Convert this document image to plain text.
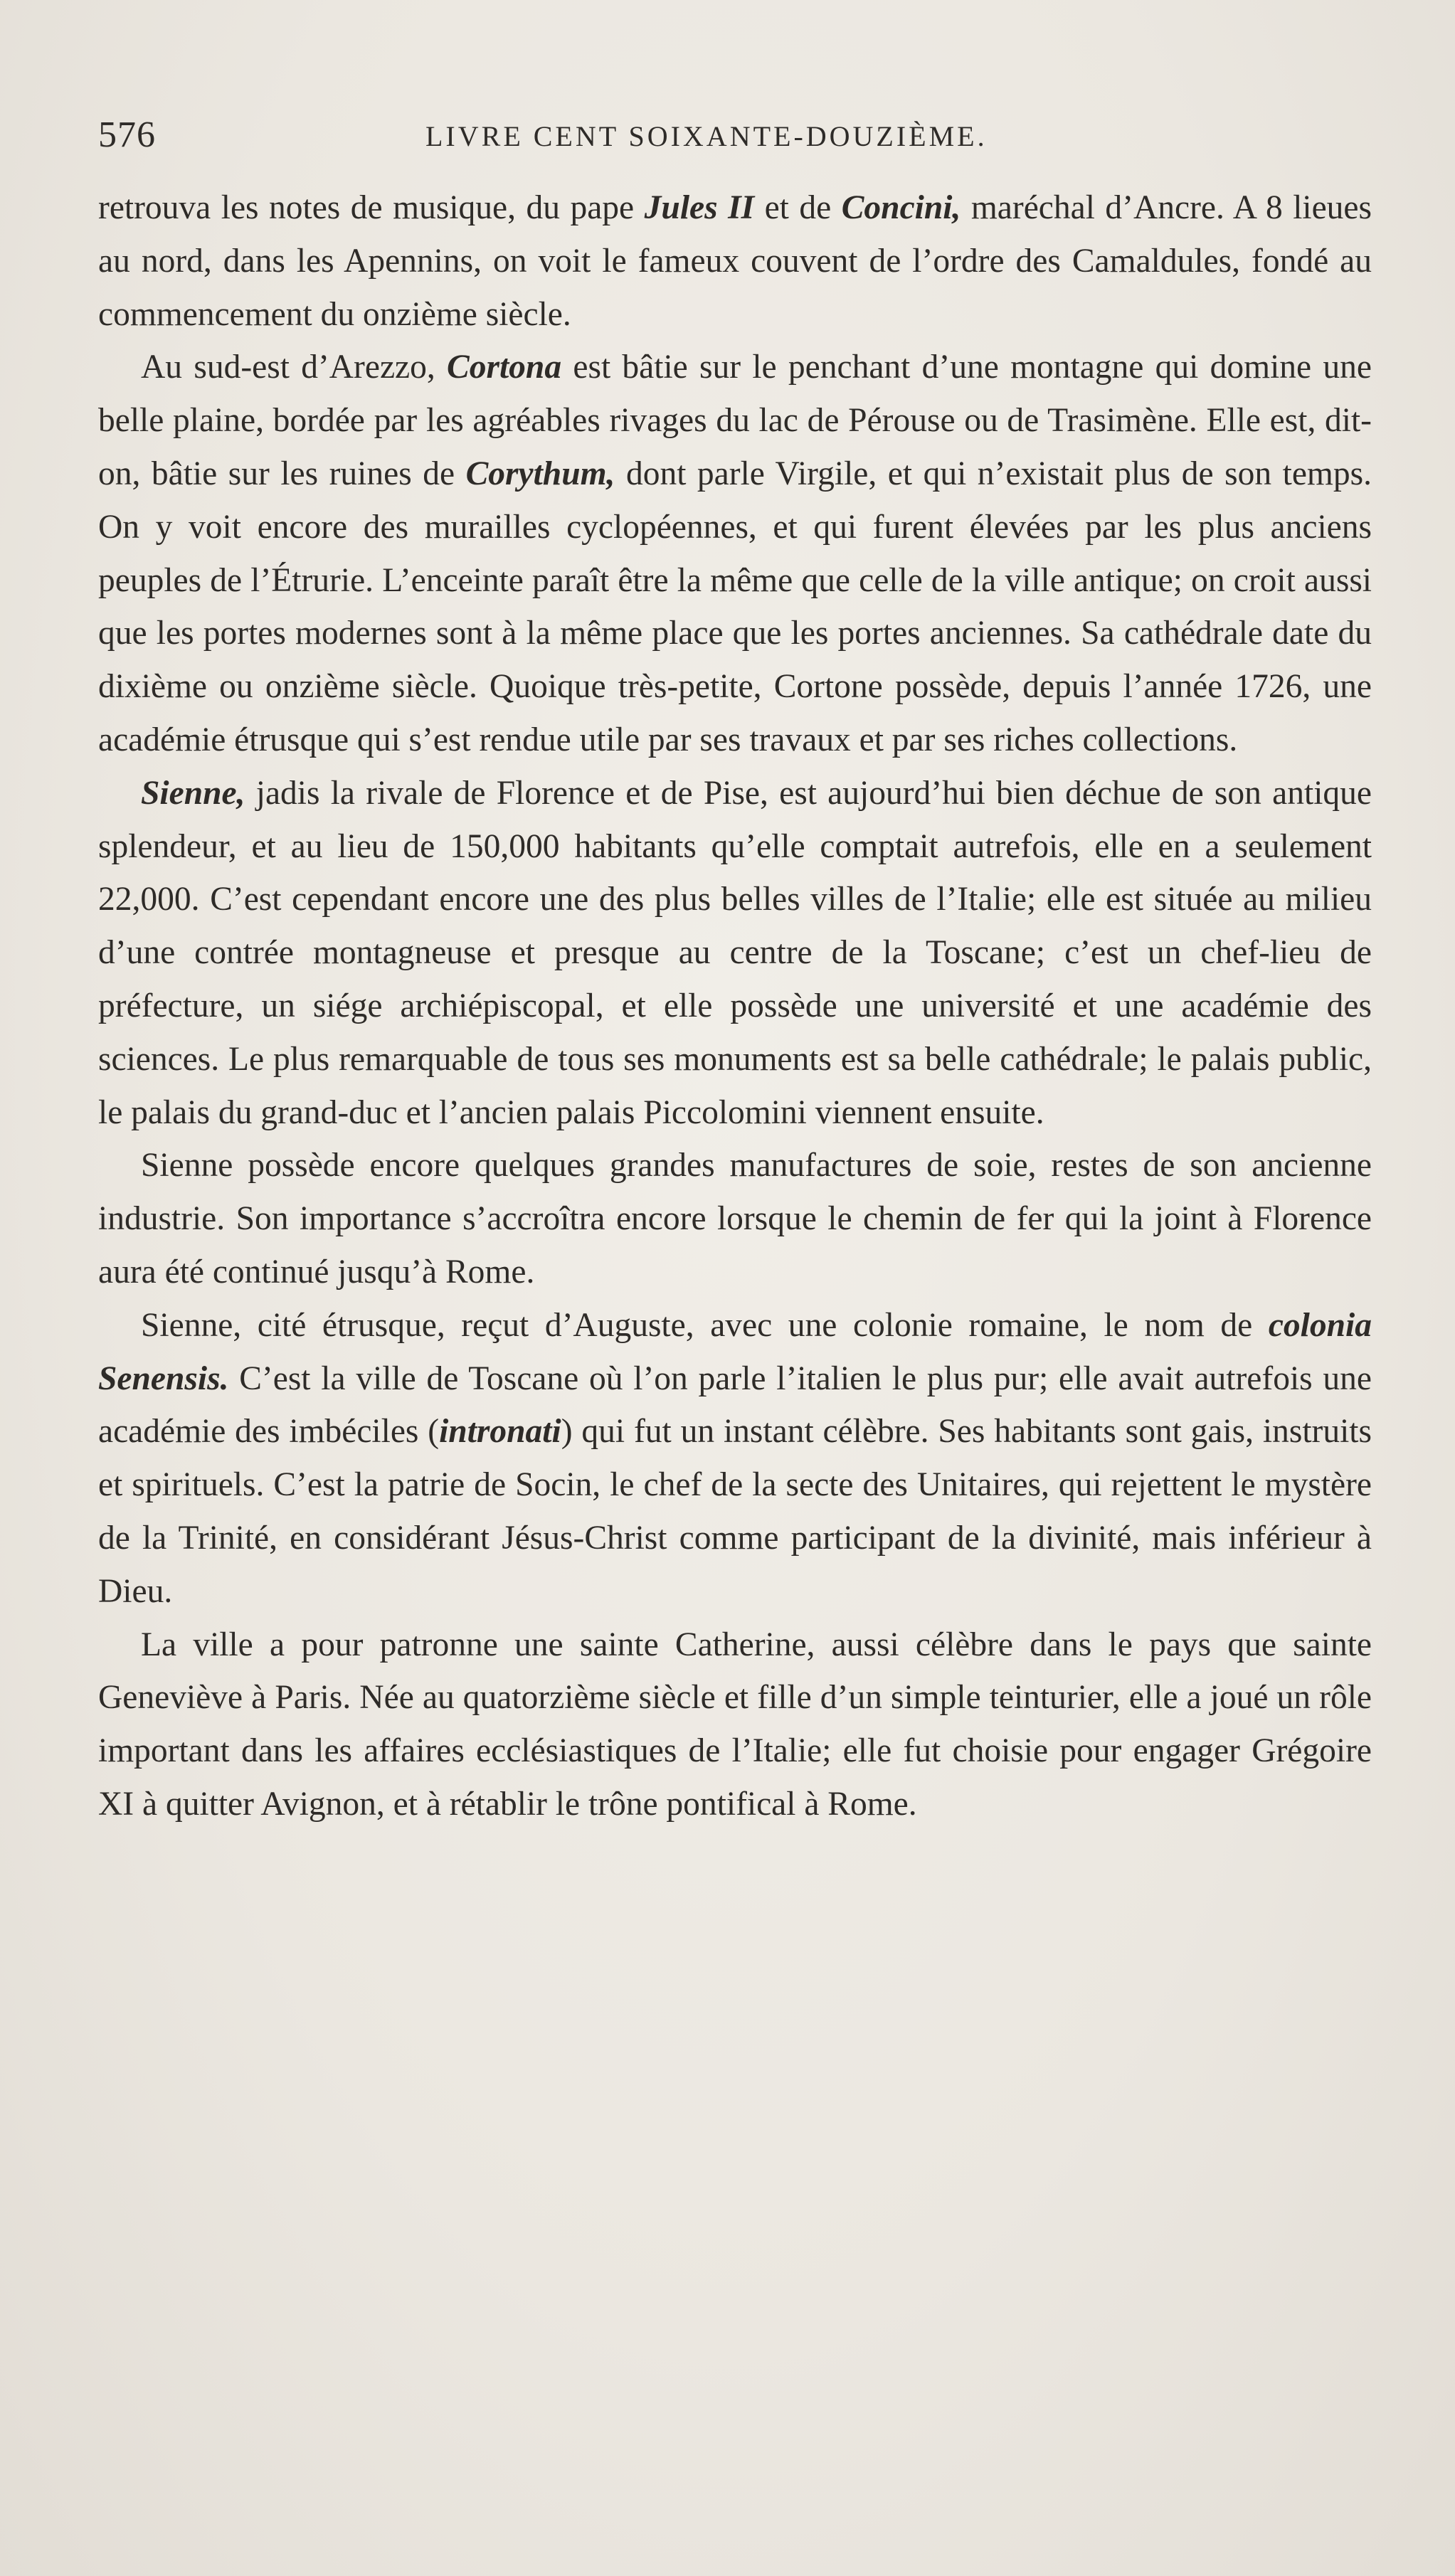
576	LIVRE CENT SOIXANTE-DOUZIÈME.

retrouva les notes de musique, du pape Jules II et de Concini, maréchal d’Ancre. A 8 lieues au nord, dans les Apennins, on voit le fameux couvent de l’ordre des Camaldules, fondé au commencement du onzième siècle.

Au sud-est d’Arezzo, Cortona est bâtie sur le penchant d’une montagne qui domine une belle plaine, bordée par les agréables rivages du lac de Pérouse ou de Trasimène. Elle est, dit-on, bâtie sur les ruines de Corythum, dont parle Virgile, et qui n’existait plus de son temps. On y voit encore des murailles cyclopéennes, et qui furent élevées par les plus anciens peuples de l’Étrurie. L’enceinte paraît être la même que celle de la ville antique; on croit aussi que les portes modernes sont à la même place que les portes anciennes. Sa cathédrale date du dixième ou onzième siècle. Quoique très-petite, Cortone possède, depuis l’année 1726, une académie étrusque qui s’est rendue utile par ses travaux et par ses riches collections.

Sienne, jadis la rivale de Florence et de Pise, est aujourd’hui bien déchue de son antique splendeur, et au lieu de 150,000 habitants qu’elle comptait autrefois, elle en a seulement 22,000. C’est cependant encore une des plus belles villes de l’Italie; elle est située au milieu d’une contrée montagneuse et presque au centre de la Toscane; c’est un chef-lieu de préfecture, un siége archiépiscopal, et elle possède une université et une académie des sciences. Le plus remarquable de tous ses monuments est sa belle cathédrale; le palais public, le palais du grand-duc et l’ancien palais Piccolomini viennent ensuite.

Sienne possède encore quelques grandes manufactures de soie, restes de son ancienne industrie. Son importance s’accroîtra encore lorsque le chemin de fer qui la joint à Florence aura été continué jusqu’à Rome.

Sienne, cité étrusque, reçut d’Auguste, avec une colonie romaine, le nom de colonia Senensis. C’est la ville de Toscane où l’on parle l’italien le plus pur; elle avait autrefois une académie des imbéciles (intronati) qui fut un instant célèbre. Ses habitants sont gais, instruits et spirituels. C’est la patrie de Socin, le chef de la secte des Unitaires, qui rejettent le mystère de la Trinité, en considérant Jésus-Christ comme participant de la divinité, mais inférieur à Dieu.

La ville a pour patronne une sainte Catherine, aussi célèbre dans le pays que sainte Geneviève à Paris. Née au quatorzième siècle et fille d’un simple teinturier, elle a joué un rôle important dans les affaires ecclésiastiques de l’Italie; elle fut choisie pour engager Grégoire XI à quitter Avignon, et à rétablir le trône pontifical à Rome.
